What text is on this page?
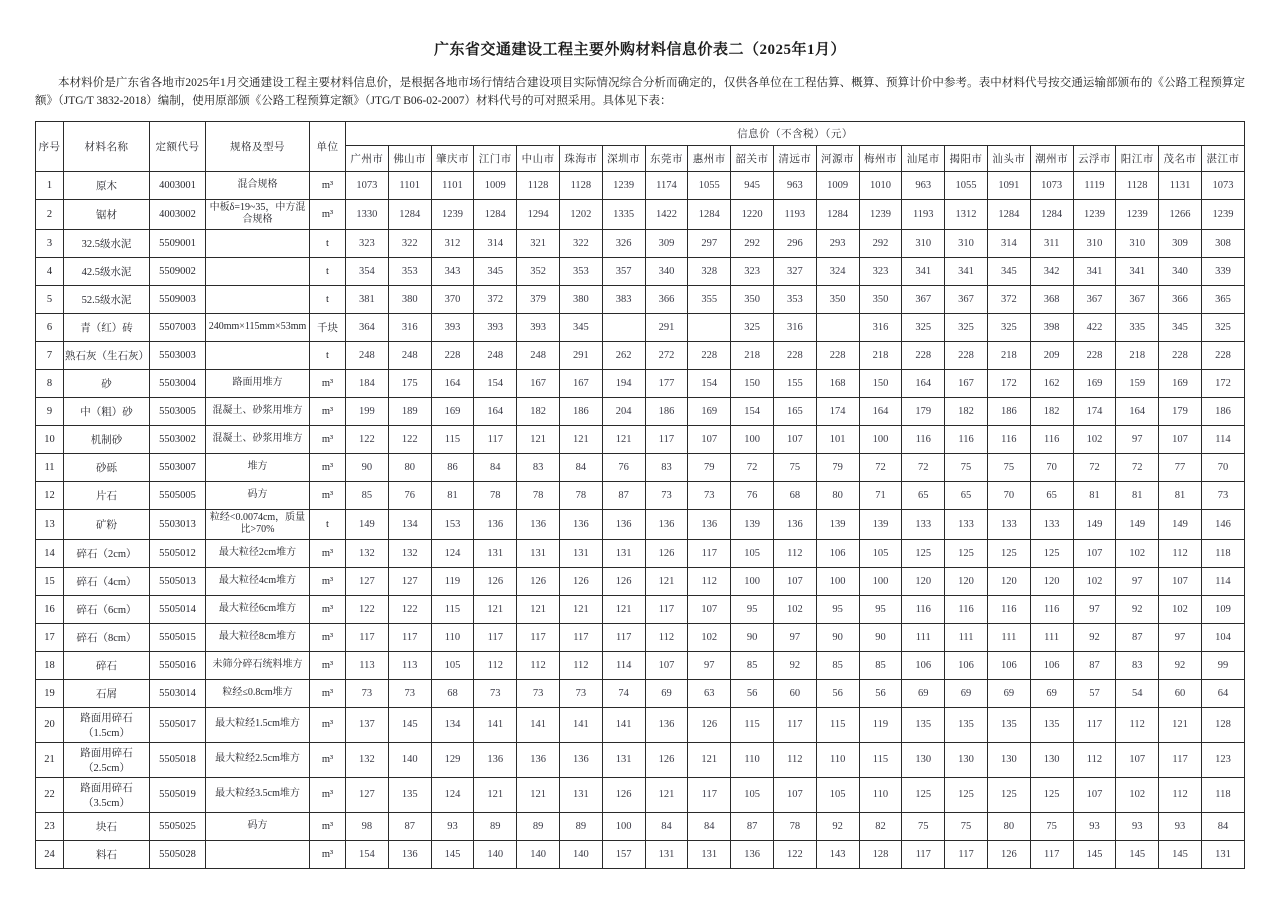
广东省交通建设工程主要外购材料信息价表二（2025年1月）
本材料价是广东省各地市2025年1月交通建设工程主要材料信息价，是根据各地市场行情结合建设项目实际情况综合分析而确定的，仅供各单位在工程估算、概算、预算计价中参考。表中材料代号按交通运输部颁布的《公路工程预算定额》（JTG/T 3832-2018）编制，使用原部颁《公路工程预算定额》（JTG/T B06-02-2007）材料代号的可对照采用。具体见下表：
序号	材料名称	定额代号	规格及型号	单位	信息价（不含税）（元）																				
					广州市	佛山市	肇庆市	江门市	中山市	珠海市	深圳市	东莞市	惠州市	韶关市	清远市	河源市	梅州市	汕尾市	揭阳市	汕头市	潮州市	云浮市	阳江市	茂名市	湛江市
1	原木	4003001	混合规格	m³	1073	1101	1101	1009	1128	1128	1239	1174	1055	945	963	1009	1010	963	1055	1091	1073	1119	1128	1131	1073
2	锯材	4003002	中板δ=19~35，中方混合规格	m³	1330	1284	1239	1284	1294	1202	1335	1422	1284	1220	1193	1284	1239	1193	1312	1284	1284	1239	1239	1266	1239
3	32.5级水泥	5509001		t	323	322	312	314	321	322	326	309	297	292	296	293	292	310	310	314	311	310	310	309	308
4	42.5级水泥	5509002		t	354	353	343	345	352	353	357	340	328	323	327	324	323	341	341	345	342	341	341	340	339
5	52.5级水泥	5509003		t	381	380	370	372	379	380	383	366	355	350	353	350	350	367	367	372	368	367	367	366	365
6	青（红）砖	5507003	240mm×115mm×53mm	千块	364	316	393	393	393	345		291		325	316		316	325	325	325	398	422	335	345	325
7	熟石灰（生石灰）	5503003		t	248	248	228	248	248	291	262	272	228	218	228	228	218	228	228	218	209	228	218	228	228
8	砂	5503004	路面用堆方	m³	184	175	164	154	167	167	194	177	154	150	155	168	150	164	167	172	162	169	159	169	172
9	中（粗）砂	5503005	混凝土、砂浆用堆方	m³	199	189	169	164	182	186	204	186	169	154	165	174	164	179	182	186	182	174	164	179	186
10	机制砂	5503002	混凝土、砂浆用堆方	m³	122	122	115	117	121	121	121	117	107	100	107	101	100	116	116	116	116	102	97	107	114
11	砂砾	5503007	堆方	m³	90	80	86	84	83	84	76	83	79	72	75	79	72	72	75	75	70	72	72	77	70
12	片石	5505005	码方	m³	85	76	81	78	78	78	87	73	73	76	68	80	71	65	65	70	65	81	81	81	73
13	矿粉	5503013	粒经<0.0074cm，质量比>70%	t	149	134	153	136	136	136	136	136	136	139	136	139	139	133	133	133	133	149	149	149	146
14	碎石（2cm）	5505012	最大粒径2cm堆方	m³	132	132	124	131	131	131	131	126	117	105	112	106	105	125	125	125	125	107	102	112	118
15	碎石（4cm）	5505013	最大粒径4cm堆方	m³	127	127	119	126	126	126	126	121	112	100	107	100	100	120	120	120	120	102	97	107	114
16	碎石（6cm）	5505014	最大粒径6cm堆方	m³	122	122	115	121	121	121	121	117	107	95	102	95	95	116	116	116	116	97	92	102	109
17	碎石（8cm）	5505015	最大粒径8cm堆方	m³	117	117	110	117	117	117	117	112	102	90	97	90	90	111	111	111	111	92	87	97	104
18	碎石	5505016	未筛分碎石统料堆方	m³	113	113	105	112	112	112	114	107	97	85	92	85	85	106	106	106	106	87	83	92	99
19	石屑	5503014	粒经≤0.8cm堆方	m³	73	73	68	73	73	73	74	69	63	56	60	56	56	69	69	69	69	57	54	60	64
20	路面用碎石（1.5cm）	5505017	最大粒经1.5cm堆方	m³	137	145	134	141	141	141	141	136	126	115	117	115	119	135	135	135	135	117	112	121	128
21	路面用碎石（2.5cm）	5505018	最大粒经2.5cm堆方	m³	132	140	129	136	136	136	131	126	121	110	112	110	115	130	130	130	130	112	107	117	123
22	路面用碎石（3.5cm）	5505019	最大粒经3.5cm堆方	m³	127	135	124	121	121	131	126	121	117	105	107	105	110	125	125	125	125	107	102	112	118
23	块石	5505025	码方	m³	98	87	93	89	89	89	100	84	84	87	78	92	82	75	75	80	75	93	93	93	84
24	料石	5505028		m³	154	136	145	140	140	140	157	131	131	136	122	143	128	117	117	126	117	145	145	145	131
